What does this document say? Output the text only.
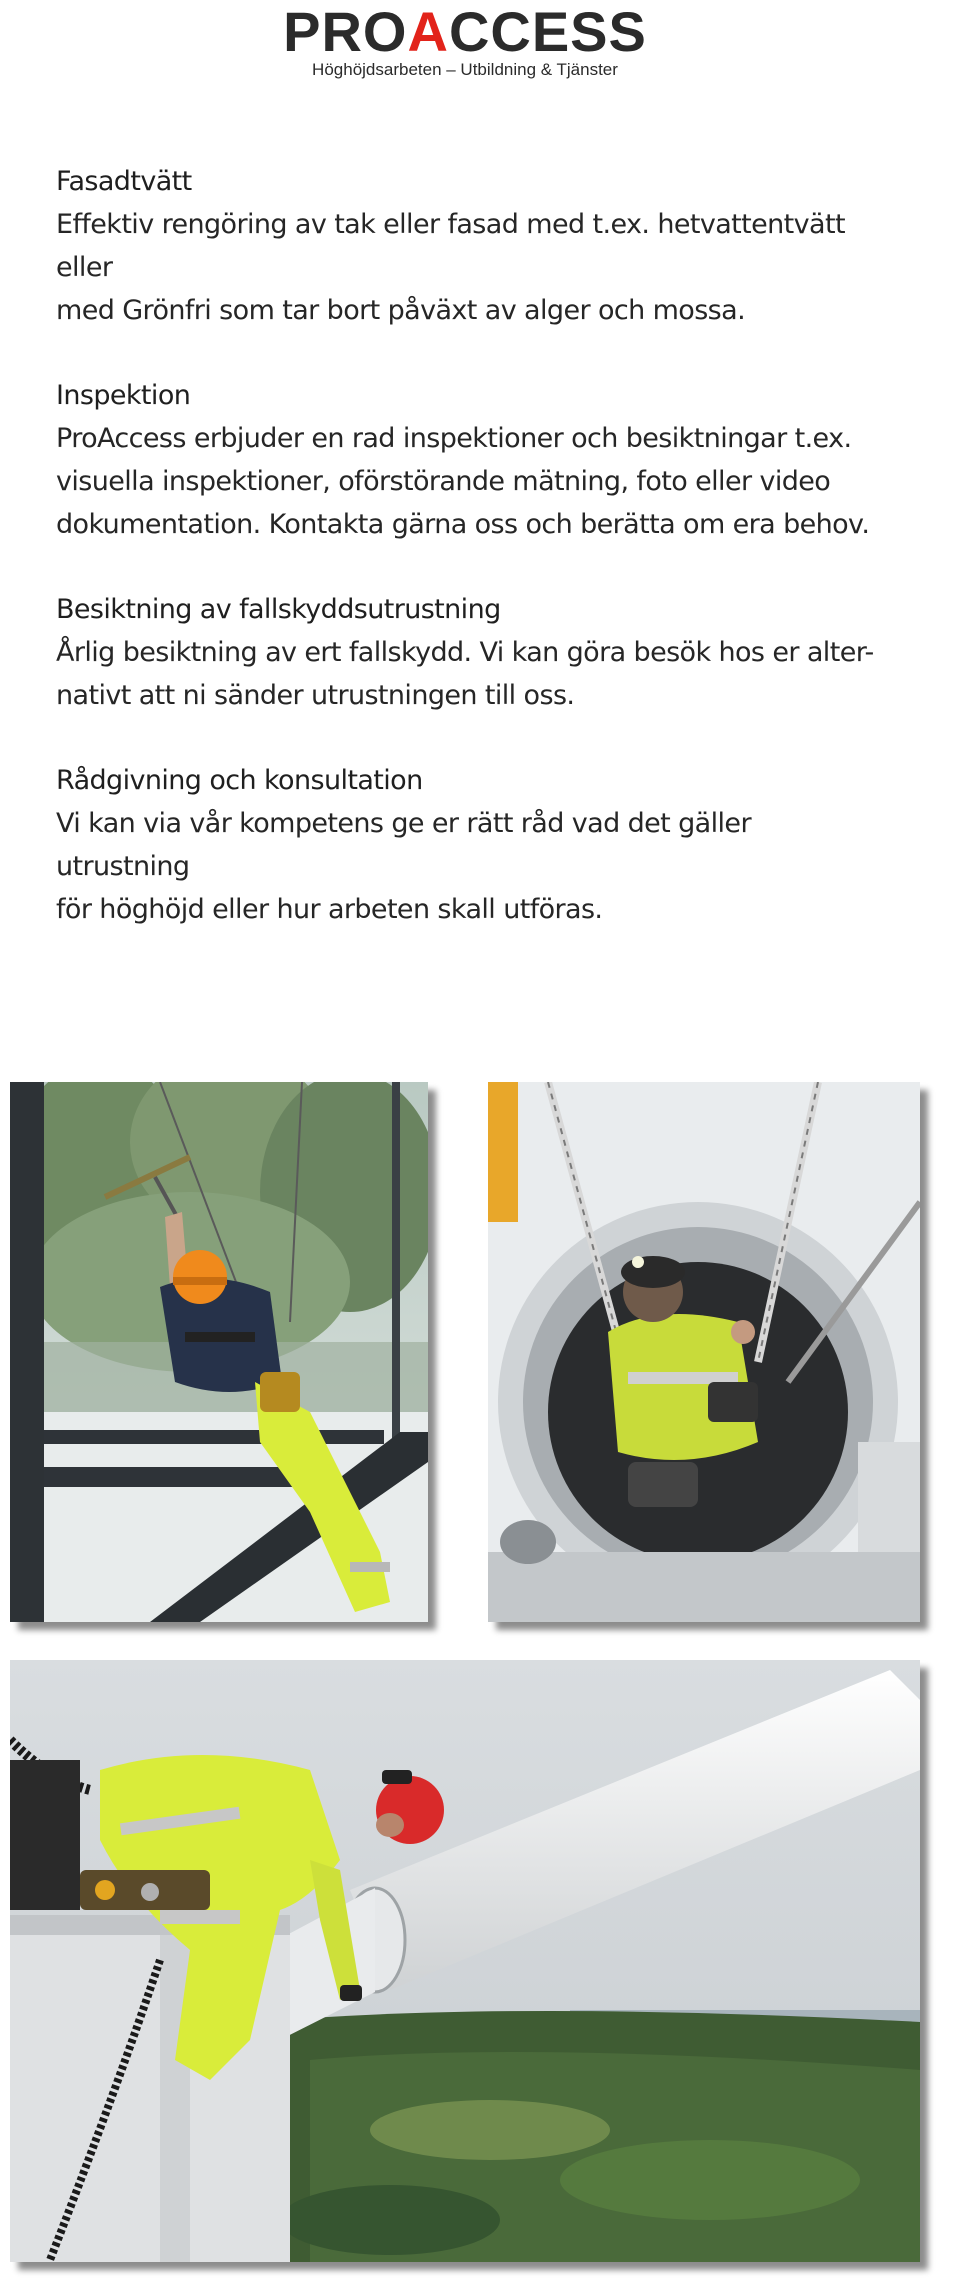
PROACCESS
Höghöjdsarbeten – Utbildning & Tjänster
Fasadtvätt

Effektiv rengöring av tak eller fasad med t.ex. hetvattentvätt eller
med Grönfri som tar bort påväxt av alger och mossa.

Inspektion

ProAccess erbjuder en rad inspektioner och besiktningar t.ex.
visuella inspektioner, oförstörande mätning, foto eller video
dokumentation. Kontakta gärna oss och berätta om era behov.

Besiktning av fallskyddsutrustning

Årlig besiktning av ert fallskydd. Vi kan göra besök hos er alter-
nativt att ni sänder utrustningen till oss.

Rådgivning och konsultation

Vi kan via vår kompetens ge er rätt råd vad det gäller utrustning
för höghöjd eller hur arbeten skall utföras.
